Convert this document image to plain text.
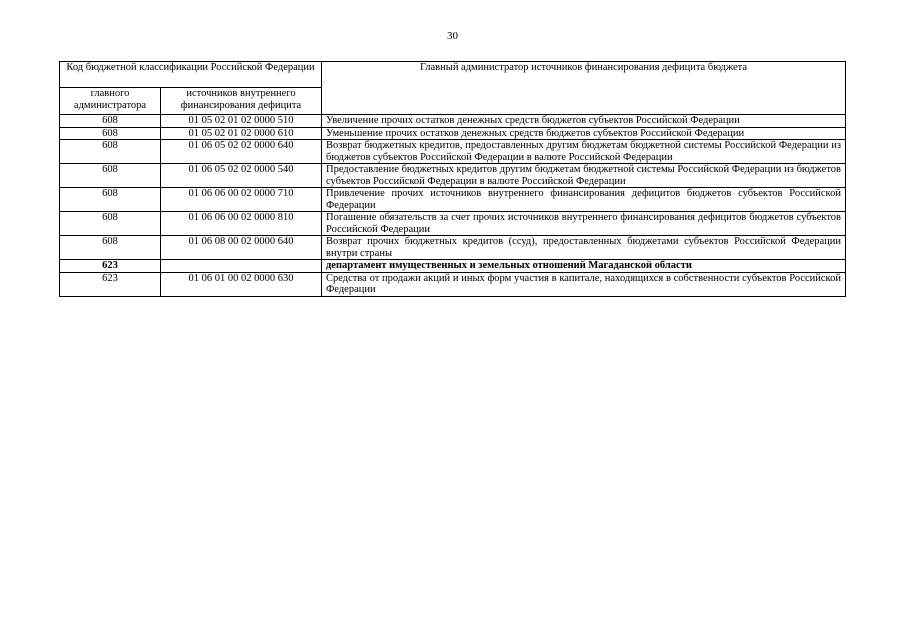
30
Код бюджетной классификации Российской Федерации		Главный администратор источников финансирования дефицита бюджета
главного администратора	источников внутреннего финансирования дефицита	
608	01 05 02 01 02 0000 510	Увеличение прочих остатков денежных средств бюджетов субъектов Российской Федерации
608	01 05 02 01 02 0000 610	Уменьшение прочих остатков денежных средств бюджетов субъектов Российской Федерации
608	01 06 05 02 02 0000 640	Возврат бюджетных кредитов, предоставленных другим бюджетам бюджетной системы Российской Федерации из бюджетов субъектов Российской Федерации в валюте Российской Федерации
608	01 06 05 02 02 0000 540	Предоставление бюджетных кредитов другим бюджетам бюджетной системы Российской Федерации из бюджетов субъектов Российской Федерации в валюте Российской Федерации
608	01 06 06 00 02 0000 710	Привлечение прочих источников внутреннего финансирования дефицитов бюджетов субъектов Российской Федерации
608	01 06 06 00 02 0000 810	Погашение обязательств за счет прочих источников внутреннего финансирования дефицитов бюджетов субъектов Российской Федерации
608	01 06 08 00 02 0000 640	Возврат прочих бюджетных кредитов (ссуд), предоставленных бюджетами субъектов Российской Федерации внутри страны
623		департамент имущественных и земельных отношений Магаданской области
623	01 06 01 00 02 0000 630	Средства от продажи акций и иных форм участия в капитале, находящихся в собственности субъектов Российской Федерации
